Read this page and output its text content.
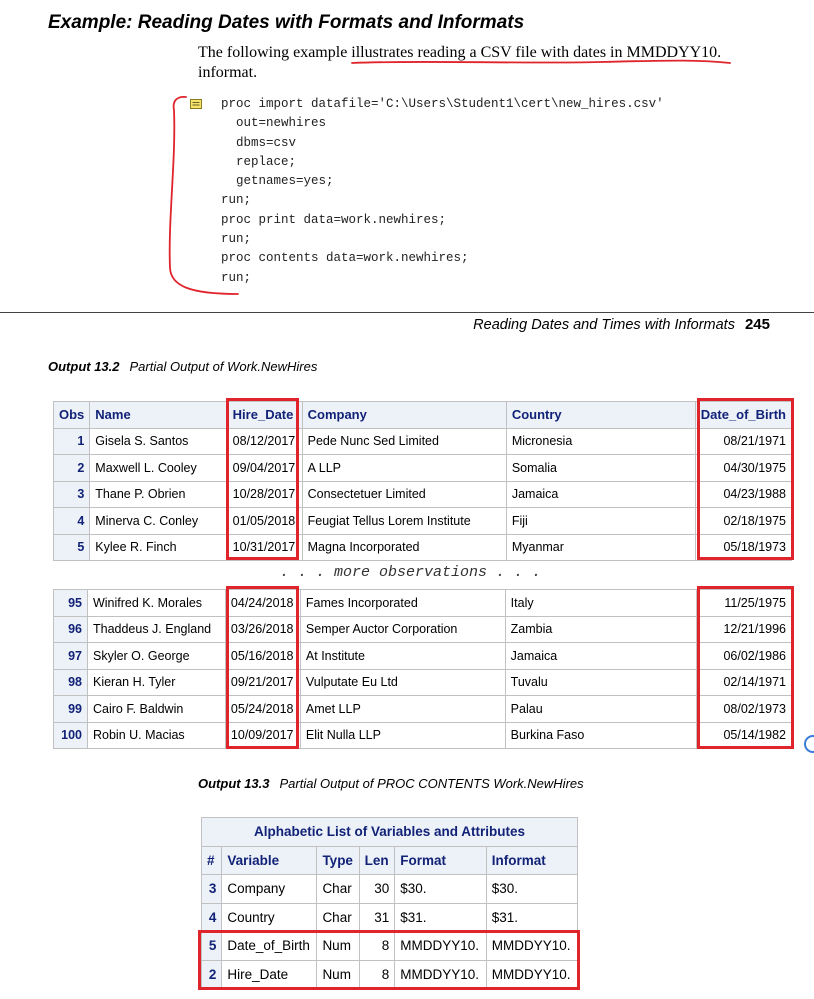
Example: Reading Dates with Formats and Informats
The following example illustrates reading a CSV file with dates in MMDDYY10.
informat.
proc import datafile='C:\Users\Student1\cert\new_hires.csv'
out=newhires
dbms=csv
replace;
getnames=yes;
run;
proc print data=work.newhires;
run;
proc contents data=work.newhires;
run;
Reading Dates and Times with Informats 245
Output 13.2 Partial Output of Work.NewHires
Obs	Name	Hire_Date	Company	Country	Date_of_Birth
1	Gisela S. Santos	08/12/2017	Pede Nunc Sed Limited	Micronesia	08/21/1971
2	Maxwell L. Cooley	09/04/2017	A LLP	Somalia	04/30/1975
3	Thane P. Obrien	10/28/2017	Consectetuer Limited	Jamaica	04/23/1988
4	Minerva C. Conley	01/05/2018	Feugiat Tellus Lorem Institute	Fiji	02/18/1975
5	Kylee R. Finch	10/31/2017	Magna Incorporated	Myanmar	05/18/1973
. . . more observations . . .
95	Winifred K. Morales	04/24/2018	Fames Incorporated	Italy	11/25/1975
96	Thaddeus J. England	03/26/2018	Semper Auctor Corporation	Zambia	12/21/1996
97	Skyler O. George	05/16/2018	At Institute	Jamaica	06/02/1986
98	Kieran H. Tyler	09/21/2017	Vulputate Eu Ltd	Tuvalu	02/14/1971
99	Cairo F. Baldwin	05/24/2018	Amet LLP	Palau	08/02/1973
100	Robin U. Macias	10/09/2017	Elit Nulla LLP	Burkina Faso	05/14/1982
Output 13.3 Partial Output of PROC CONTENTS Work.NewHires
Alphabetic List of Variables and Attributes					
#	Variable	Type	Len	Format	Informat
3	Company	Char	30	$30.	$30.
4	Country	Char	31	$31.	$31.
5	Date_of_Birth	Num	8	MMDDYY10.	MMDDYY10.
2	Hire_Date	Num	8	MMDDYY10.	MMDDYY10.
